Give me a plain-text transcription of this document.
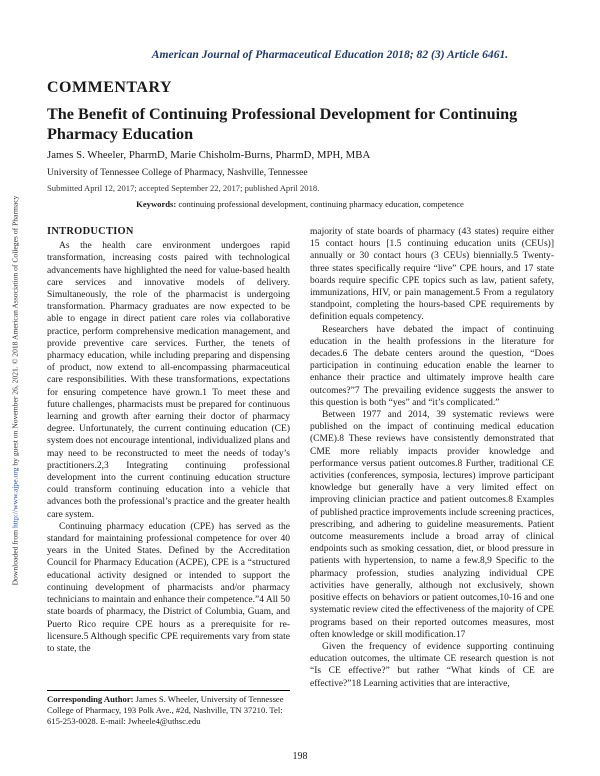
American Journal of Pharmaceutical Education 2018; 82 (3) Article 6461.
COMMENTARY
The Benefit of Continuing Professional Development for Continuing Pharmacy Education
James S. Wheeler, PharmD, Marie Chisholm-Burns, PharmD, MPH, MBA
University of Tennessee College of Pharmacy, Nashville, Tennessee
Submitted April 12, 2017; accepted September 22, 2017; published April 2018.
Keywords: continuing professional development, continuing pharmacy education, competence
Downloaded from http://www.ajpe.org by guest on November 26, 2021. © 2018 American Association of Colleges of Pharmacy	INTRODUCTION

As the health care environment undergoes rapid transformation, increasing costs paired with technological advancements have highlighted the need for value-based health care services and innovative models of delivery. Simultaneously, the role of the pharmacist is undergoing transformation. Pharmacy graduates are now expected to be able to engage in direct patient care roles via collaborative practice, perform comprehensive medication management, and provide preventive care services. Further, the tenets of pharmacy education, while including preparing and dispensing of product, now extend to all-encompassing pharmaceutical care responsibilities. With these transformations, expectations for ensuring competence have grown.1 To meet these and future challenges, pharmacists must be prepared for continuous learning and growth after earning their doctor of pharmacy degree. Unfortunately, the current continuing education (CE) system does not encourage intentional, individualized plans and may need to be reconstructed to meet the needs of today’s practitioners.2,3 Integrating continuing professional development into the current continuing education structure could transform continuing education into a vehicle that advances both the professional’s practice and the greater health care system.

Continuing pharmacy education (CPE) has served as the standard for maintaining professional competence for over 40 years in the United States. Defined by the Accreditation Council for Pharmacy Education (ACPE), CPE is a “structured educational activity designed or intended to support the continuing development of pharmacists and/or pharmacy technicians to maintain and enhance their competence.”4 All 50 state boards of pharmacy, the District of Columbia, Guam, and Puerto Rico require CPE hours as a prerequisite for re-licensure.5 Although specific CPE requirements vary from state to state, the

majority of state boards of pharmacy (43 states) require either 15 contact hours [1.5 continuing education units (CEUs)] annually or 30 contact hours (3 CEUs) biennially.5 Twenty-three states specifically require “live” CPE hours, and 17 state boards require specific CPE topics such as law, patient safety, immunizations, HIV, or pain management.5 From a regulatory standpoint, completing the hours-based CPE requirements by definition equals competency.

Researchers have debated the impact of continuing education in the health professions in the literature for decades.6 The debate centers around the question, “Does participation in continuing education enable the learner to enhance their practice and ultimately improve health care outcomes?”7 The prevailing evidence suggests the answer to this question is both “yes” and “it’s complicated.”

Between 1977 and 2014, 39 systematic reviews were published on the impact of continuing medical education (CME).8 These reviews have consistently demonstrated that CME more reliably impacts provider knowledge and performance versus patient outcomes.8 Further, traditional CE activities (conferences, symposia, lectures) improve participant knowledge but generally have a very limited effect on improving clinician practice and patient outcomes.8 Examples of published practice improvements include screening practices, prescribing, and adhering to guideline measurements. Patient outcome measurements include a broad array of clinical endpoints such as smoking cessation, diet, or blood pressure in patients with hypertension, to name a few.8,9 Specific to the pharmacy profession, studies analyzing individual CPE activities have generally, although not exclusively, shown positive effects on behaviors or patient outcomes,10-16 and one systematic review cited the effectiveness of the majority of CPE programs based on their reported outcomes measures, most often knowledge or skill modification.17

Given the frequency of evidence supporting continuing education outcomes, the ultimate CE research question is not “Is CE effective?” but rather “What kinds of CE are effective?”18 Learning activities that are interactive,

Corresponding Author: James S. Wheeler, University of Tennessee College of Pharmacy, 193 Polk Ave., #2d, Nashville, TN 37210. Tel: 615-253-0028. E-mail: Jwheele4@uthsc.edu
198
